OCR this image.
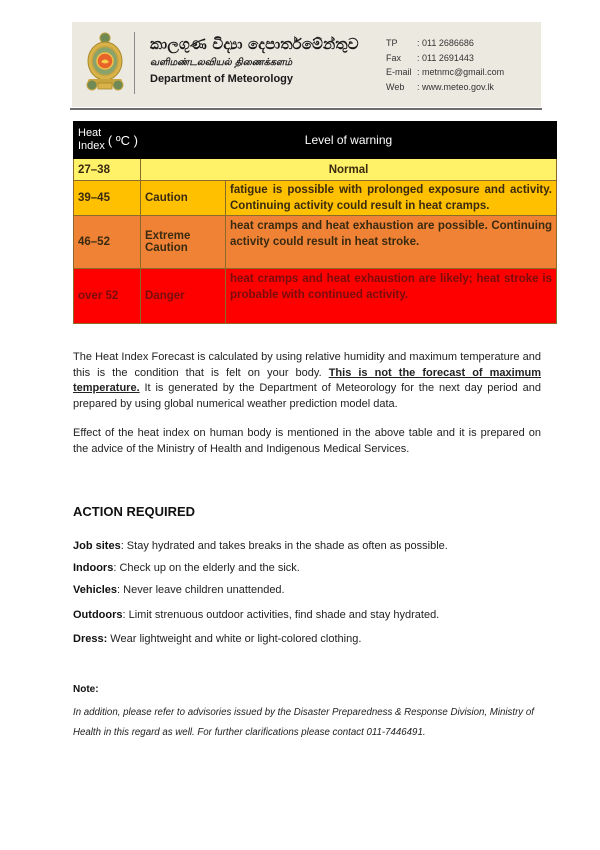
කාලගුණ විද්‍යා දෙපාර්තමේන්තුව
வளிமண்டலவியல் திணைக்களம்
Department of Meteorology
TP	: 011 2686686
Fax	: 011 2691443
E-mail : metnmc@gmail.com
Web	: www.meteo.gov.lk
Heat
Index ( ºC )	Level of warning	
27–38	Normal	
39–45	Caution	fatigue is possible with prolonged exposure and activity. Continuing activity could result in heat cramps.
46–52	Extreme Caution	heat cramps and heat exhaustion are possible. Continuing activity could result in heat stroke.
over 52	Danger	heat cramps and heat exhaustion are likely; heat stroke is probable with continued activity.

The Heat Index Forecast is calculated by using relative humidity and maximum temperature and this is the condition that is felt on your body. This is not the forecast of maximum temperature. It is generated by the Department of Meteorology for the next day period and prepared by using global numerical weather prediction model data.

Effect of the heat index on human body is mentioned in the above table and it is prepared on the advice of the Ministry of Health and Indigenous Medical Services.

ACTION REQUIRED
Job sites: Stay hydrated and takes breaks in the shade as often as possible.
Indoors: Check up on the elderly and the sick.
Vehicles: Never leave children unattended.
Outdoors: Limit strenuous outdoor activities, find shade and stay hydrated.
Dress: Wear lightweight and white or light-colored clothing.
Note:
In addition, please refer to advisories issued by the Disaster Preparedness & Response Division, Ministry of Health in this regard as well. For further clarifications please contact 011-7446491.
